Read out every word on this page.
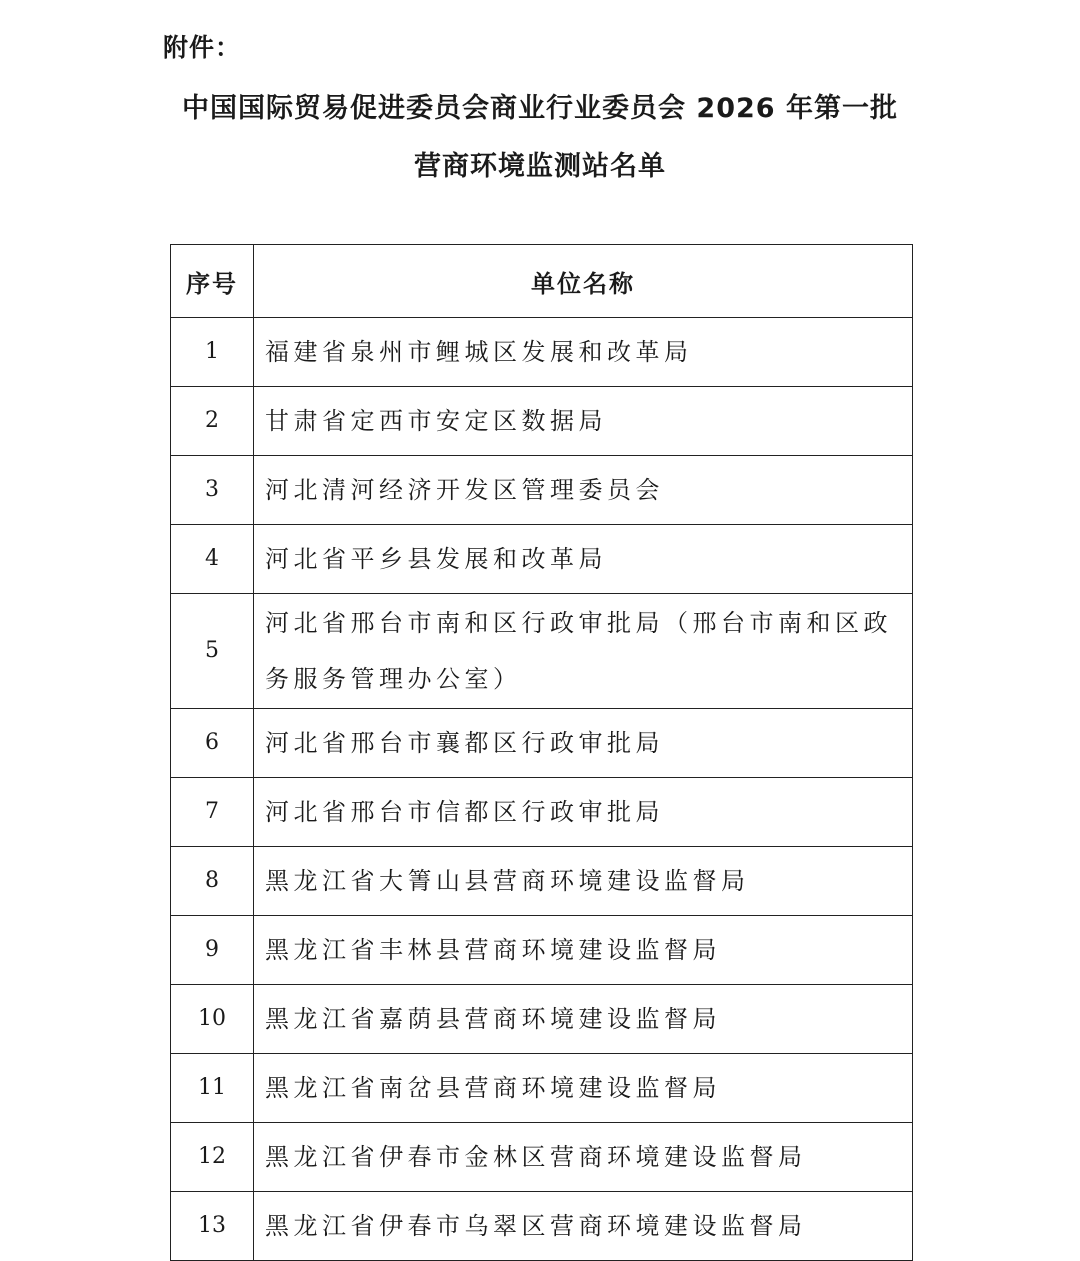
附件：
中国国际贸易促进委员会商业行业委员会 2026 年第一批
营商环境监测站名单
序号	单位名称
1	福建省泉州市鲤城区发展和改革局
2	甘肃省定西市安定区数据局
3	河北清河经济开发区管理委员会
4	河北省平乡县发展和改革局
5	河北省邢台市南和区行政审批局（邢台市南和区政务服务管理办公室）
6	河北省邢台市襄都区行政审批局
7	河北省邢台市信都区行政审批局
8	黑龙江省大箐山县营商环境建设监督局
9	黑龙江省丰林县营商环境建设监督局
10	黑龙江省嘉荫县营商环境建设监督局
11	黑龙江省南岔县营商环境建设监督局
12	黑龙江省伊春市金林区营商环境建设监督局
13	黑龙江省伊春市乌翠区营商环境建设监督局
